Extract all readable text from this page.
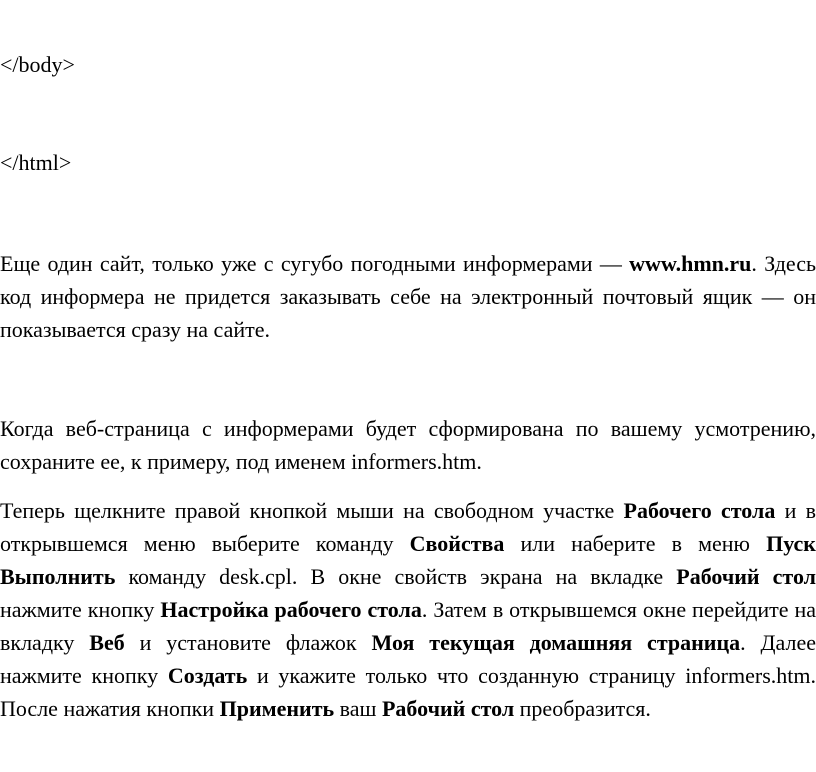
</body>
</html>
Еще один сайт, только уже с сугубо погодными информерами — www.hmn.ru. Здесь код информера не придется заказывать себе на электронный почтовый ящик — он показывается сразу на сайте.
Когда веб-страница с информерами будет сформирована по вашему усмотрению, сохраните ее, к примеру, под именем informers.htm.
Теперь щелкните правой кнопкой мыши на свободном участке Рабочего стола и в открывшемся меню выберите команду Свойства или наберите в меню Пуск Выполнить команду desk.cpl. В окне свойств экрана на вкладке Рабочий стол нажмите кнопку Настройка рабочего стола. Затем в открывшемся окне перейдите на вкладку Веб и установите флажок Моя текущая домашняя страница. Далее нажмите кнопку Создать и укажите только что созданную страницу informers.htm. После нажатия кнопки Применить ваш Рабочий стол преобразится.
